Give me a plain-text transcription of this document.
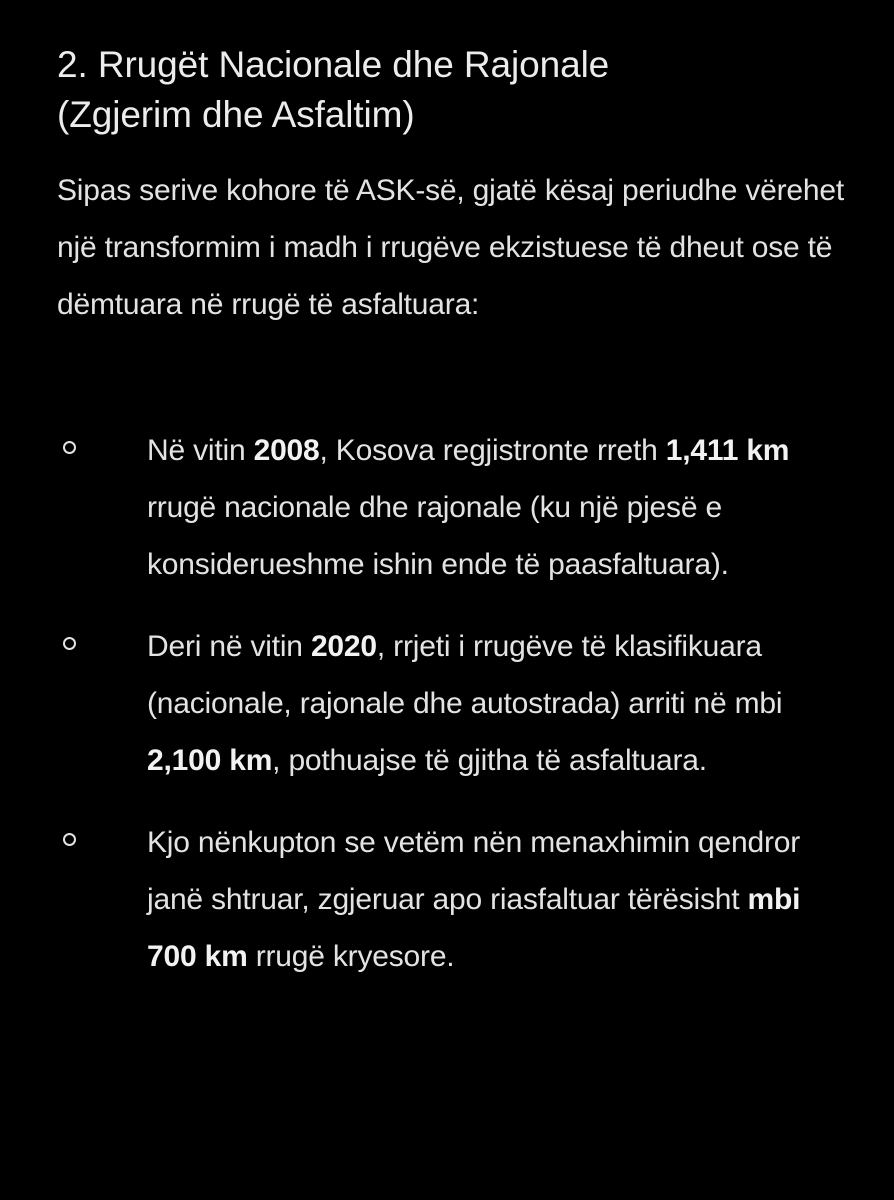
2. Rrugët Nacionale dhe Rajonale
(Zgjerim dhe Asfaltim)

Sipas serive kohore të ASK-së, gjatë kësaj periudhe vërehet një transformim i madh i rrugëve ekzistuese të dheut ose të dëmtuara në rrugë të asfaltuara:

Në vitin 2008, Kosova regjistronte rreth 1,411 km rrugë nacionale dhe rajonale (ku një pjesë e konsiderueshme ishin ende të paasfaltuara).
Deri në vitin 2020, rrjeti i rrugëve të klasifikuara (nacionale, rajonale dhe autostrada) arriti në mbi 2,100 km, pothuajse të gjitha të asfaltuara.
Kjo nënkupton se vetëm nën menaxhimin qendror janë shtruar, zgjeruar apo riasfaltuar tërësisht mbi 700 km rrugë kryesore.
